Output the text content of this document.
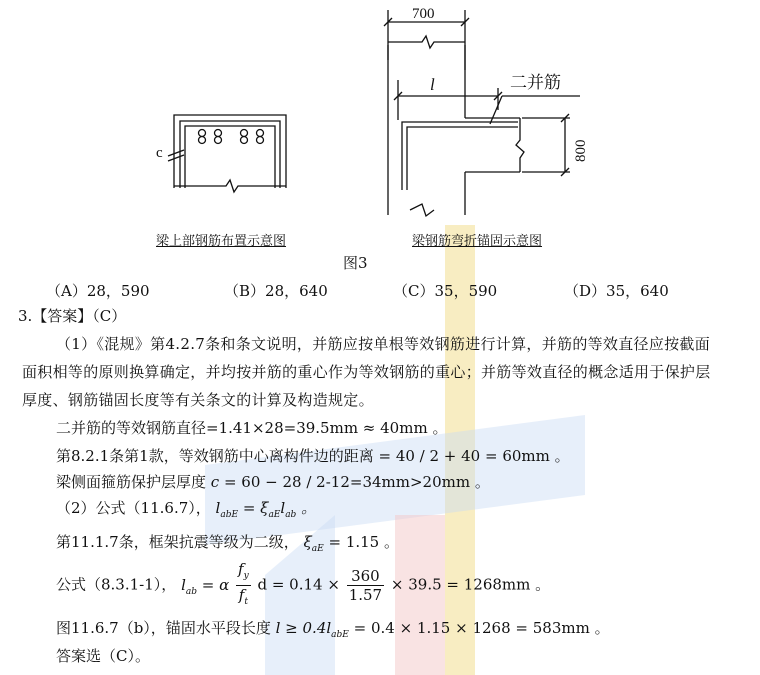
c
700
l	二并筋
800
梁上部钢筋布置示意图	梁钢筋弯折锚固示意图
图3
（A）28，590	（B）28，640	（C）35，590	（D）35，640
3.【答案】（C）
（1）《混规》第4.2.7条和条文说明，并筋应按单根等效钢筋进行计算，并筋的等效直径应按截面面积相等的原则换算确定，并均按并筋的重心作为等效钢筋的重心；并筋等效直径的概念适用于保护层厚度、钢筋锚固长度等有关条文的计算及构造规定。
二并筋的等效钢筋直径=1.41×28=39.5mm ≈ 40mm 。
第8.2.1条第1款，等效钢筋中心离构件边的距离 = 40 / 2 + 40 = 60mm 。
梁侧面箍筋保护层厚度 c = 60 − 28 / 2-12=34mm>20mm 。
（2）公式（11.6.7）， $l_{abE} = \xi_{aE}l_{ab}$ 。
第11.1.7条，框架抗震等级为二级， $\xi_{aE} = 1.15$ 。
公式（8.3.1-1）， $l_{ab} = \alpha \frac{f_y}{f_t}$ $d = 0.14 \times \frac{360}{1.57} \times 39.5 = 1268mm$ 。
图11.6.7（b），锚固水平段长度 $l \ge 0.4l_{abE} = 0.4 \times 1.15 \times 1268 = 583mm$ 。
答案选（C）。
